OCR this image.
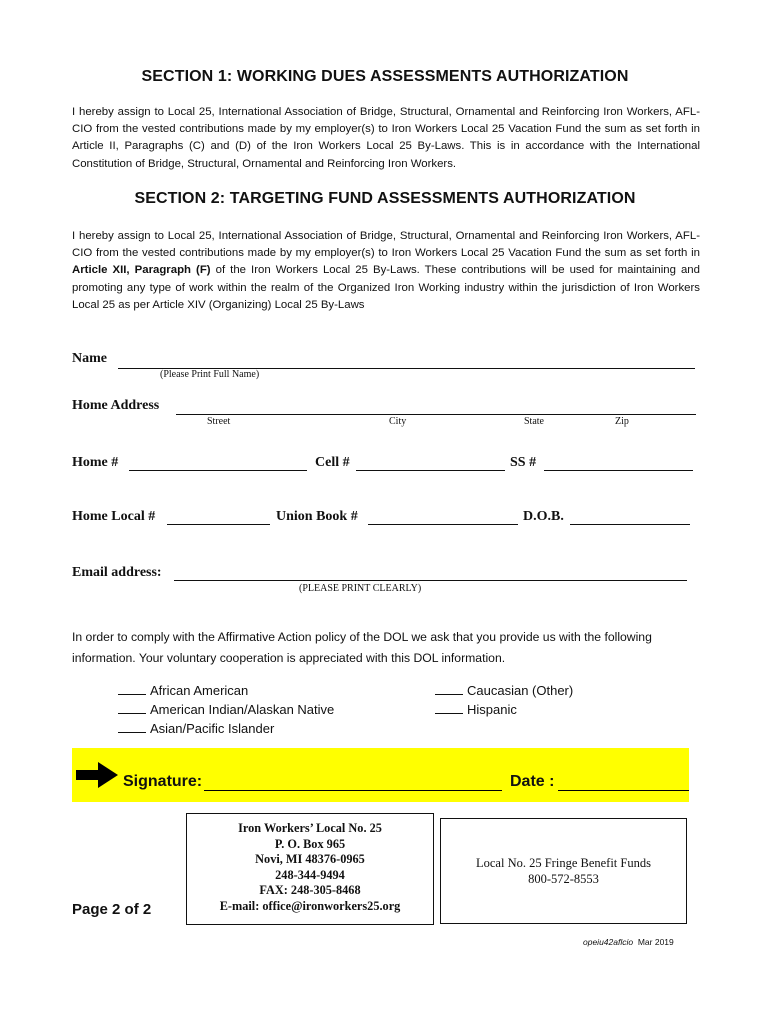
SECTION 1: WORKING DUES ASSESSMENTS AUTHORIZATION
I hereby assign to Local 25, International Association of Bridge, Structural, Ornamental and Reinforcing Iron Workers, AFL-CIO from the vested contributions made by my employer(s) to Iron Workers Local 25 Vacation Fund the sum as set forth in Article II, Paragraphs (C) and (D) of the Iron Workers Local 25 By-Laws. This is in accordance with the International Constitution of Bridge, Structural, Ornamental and Reinforcing Iron Workers.
SECTION 2: TARGETING FUND ASSESSMENTS AUTHORIZATION
I hereby assign to Local 25, International Association of Bridge, Structural, Ornamental and Reinforcing Iron Workers, AFL-CIO from the vested contributions made by my employer(s) to Iron Workers Local 25 Vacation Fund the sum as set forth in Article XII, Paragraph (F) of the Iron Workers Local 25 By-Laws. These contributions will be used for maintaining and promoting any type of work within the realm of the Organized Iron Working industry within the jurisdiction of Iron Workers Local 25 as per Article XIV (Organizing) Local 25 By-Laws
Name
(Please Print Full Name)
Home Address
Street	City	State	Zip
Home #	Cell #	SS #
Home Local #	Union Book #	D.O.B.
Email address:
(PLEASE PRINT CLEARLY)
In order to comply with the Affirmative Action policy of the DOL we ask that you provide us with the following information. Your voluntary cooperation is appreciated with this DOL information.
African American
American Indian/Alaskan Native
Asian/Pacific Islander
Caucasian (Other)
Hispanic
Signature:	Date :
Iron Workers’ Local No. 25
P. O. Box 965
Novi, MI 48376-0965
248-344-9494
FAX: 248-305-8468
E-mail: office@ironworkers25.org
Local No. 25 Fringe Benefit Funds
800-572-8553
Page 2 of 2
opeiu42aflcio Mar 2019
